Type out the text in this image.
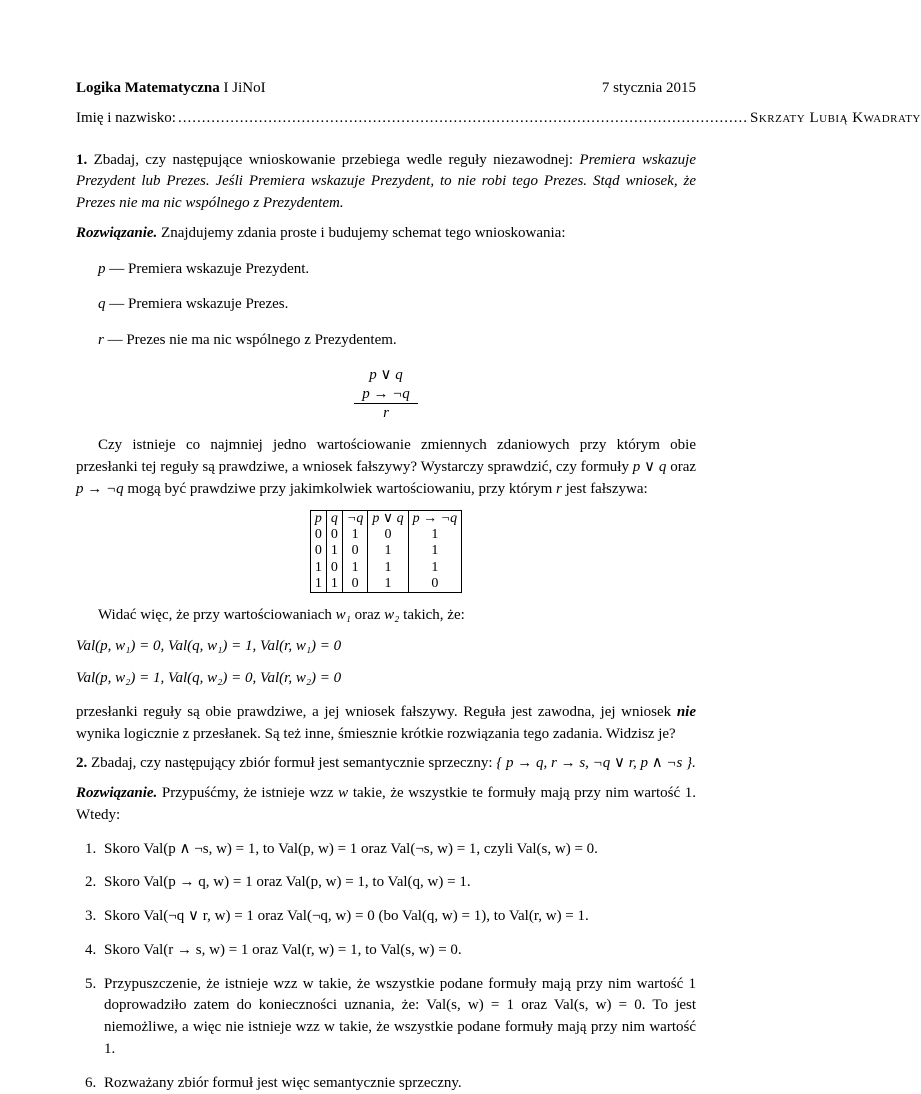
Logika Matematyczna I JiNoI	7 stycznia 2015
Imię i nazwisko: ........................................................................................................................ Skrzaty Lubią Kwadraty

1. Zbadaj, czy następujące wnioskowanie przebiega wedle reguły niezawodnej: Premiera wskazuje Prezydent lub Prezes. Jeśli Premiera wskazuje Prezydent, to nie robi tego Prezes. Stąd wniosek, że Prezes nie ma nic wspólnego z Prezydentem.

Rozwiązanie. Znajdujemy zdania proste i budujemy schemat tego wnioskowania:

p — Premiera wskazuje Prezydent.
q — Premiera wskazuje Prezes.
r — Prezes nie ma nic wspólnego z Prezydentem.
p ∨ q
p → ¬q
r

Czy istnieje co najmniej jedno wartościowanie zmiennych zdaniowych przy którym obie przesłanki tej reguły są prawdziwe, a wniosek fałszywy? Wystarczy sprawdzić, czy formuły p ∨ q oraz p → ¬q mogą być prawdziwe przy jakimkolwiek wartościowaniu, przy którym r jest fałszywa:

p	q	¬q	p ∨ q	p → ¬q
0	0	1	0	1
0	1	0	1	1
1	0	1	1	1
1	1	0	1	0

Widać więc, że przy wartościowaniach w₁ oraz w₂ takich, że:

Val(p, w₁) = 0, Val(q, w₁) = 1, Val(r, w₁) = 0
Val(p, w₂) = 1, Val(q, w₂) = 0, Val(r, w₂) = 0

przesłanki reguły są obie prawdziwe, a jej wniosek fałszywy. Reguła jest zawodna, jej wniosek nie wynika logicznie z przesłanek. Są też inne, śmiesznie krótkie rozwiązania tego zadania. Widzisz je?

2. Zbadaj, czy następujący zbiór formuł jest semantycznie sprzeczny: { p → q, r → s, ¬q ∨ r, p ∧ ¬s }.

Rozwiązanie. Przypuśćmy, że istnieje wzz w takie, że wszystkie te formuły mają przy nim wartość 1. Wtedy:

1. Skoro Val(p ∧ ¬s, w) = 1, to Val(p, w) = 1 oraz Val(¬s, w) = 1, czyli Val(s, w) = 0.
2. Skoro Val(p → q, w) = 1 oraz Val(p, w) = 1, to Val(q, w) = 1.
3. Skoro Val(¬q ∨ r, w) = 1 oraz Val(¬q, w) = 0 (bo Val(q, w) = 1), to Val(r, w) = 1.
4. Skoro Val(r → s, w) = 1 oraz Val(r, w) = 1, to Val(s, w) = 0.
5. Przypuszczenie, że istnieje wzz w takie, że wszystkie podane formuły mają przy nim wartość 1 doprowadziło zatem do konieczności uznania, że: Val(s, w) = 1 oraz Val(s, w) = 0. To jest niemożliwe, a więc nie istnieje wzz w takie, że wszystkie podane formuły mają przy nim wartość 1.
6. Rozważany zbiór formuł jest więc semantycznie sprzeczny.
